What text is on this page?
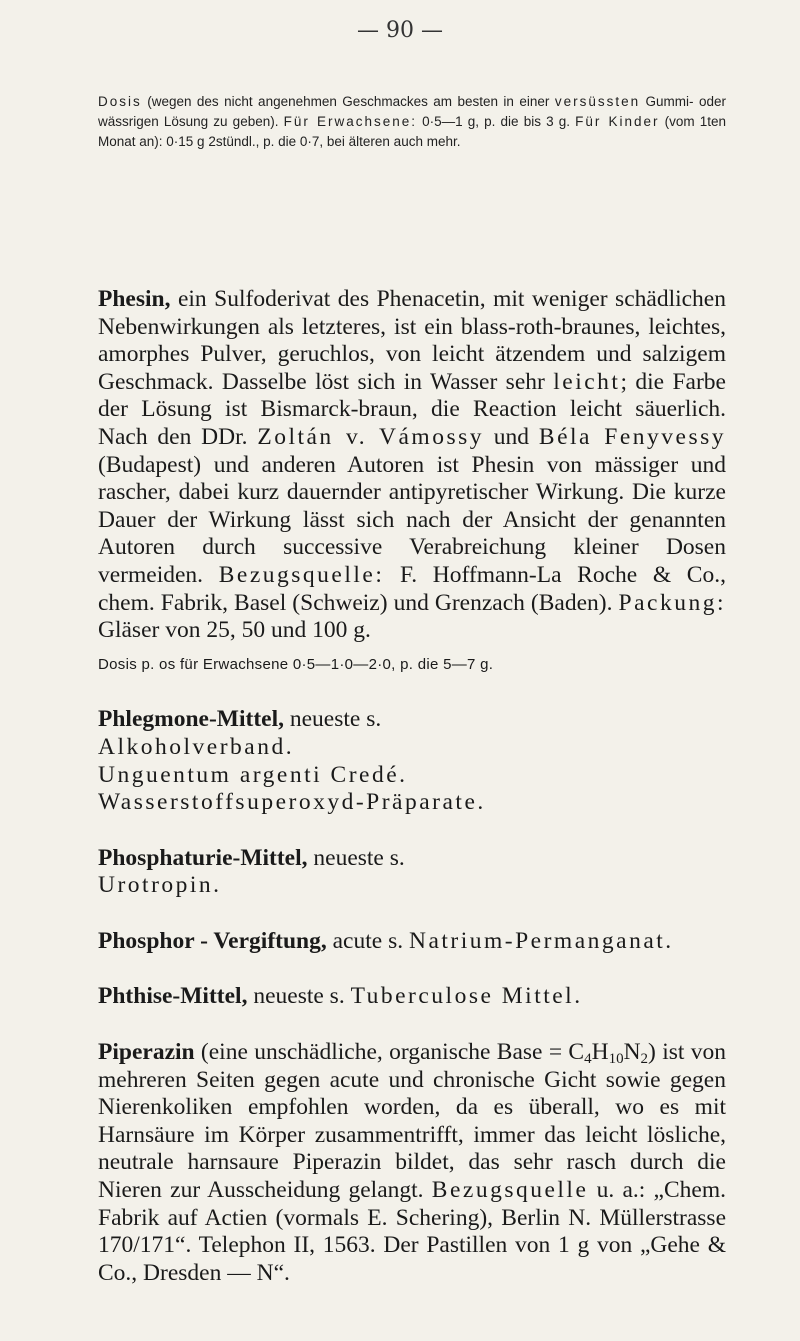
— 90 —
Dosis (wegen des nicht angenehmen Geschmackes am besten in einer versüssten Gummi- oder wässrigen Lösung zu geben). Für Erwachsene: 0·5—1 g, p. die bis 3 g. Für Kinder (vom 1ten Monat an): 0·15 g 2stündl., p. die 0·7, bei älteren auch mehr.

Phesin, ein Sulfoderivat des Phenacetin, mit weniger schädlichen Nebenwirkungen als letzteres, ist ein blass-roth-braunes, leichtes, amorphes Pulver, geruchlos, von leicht ätzendem und salzigem Geschmack. Dasselbe löst sich in Wasser sehr leicht; die Farbe der Lösung ist Bismarck-braun, die Reaction leicht säuerlich. Nach den DDr. Zoltán v. Vámossy und Béla Fenyvessy (Budapest) und anderen Autoren ist Phesin von mässiger und rascher, dabei kurz dauernder antipyretischer Wirkung. Die kurze Dauer der Wirkung lässt sich nach der Ansicht der genannten Autoren durch successive Verabreichung kleiner Dosen vermeiden. Bezugsquelle: F. Hoffmann-La Roche & Co., chem. Fabrik, Basel (Schweiz) und Grenzach (Baden). Packung: Gläser von 25, 50 und 100 g.

Dosis p. os für Erwachsene 0·5—1·0—2·0, p. die 5—7 g.

Phlegmone-Mittel, neueste s.
Alkoholverband.
Unguentum argenti Credé.
Wasserstoffsuperoxyd-Präparate.

Phosphaturie-Mittel, neueste s.
Urotropin.

Phosphor - Vergiftung, acute s. Natrium-Permanganat.

Phthise-Mittel, neueste s. Tuberculose Mittel.

Piperazin (eine unschädliche, organische Base = $C_4H_{10}N_2$) ist von mehreren Seiten gegen acute und chronische Gicht sowie gegen Nierenkoliken empfohlen worden, da es überall, wo es mit Harnsäure im Körper zusammentrifft, immer das leicht lösliche, neutrale harnsaure Piperazin bildet, das sehr rasch durch die Nieren zur Ausscheidung gelangt. Bezugsquelle u. a.: „Chem. Fabrik auf Actien (vormals E. Schering), Berlin N. Müllerstrasse 170/171“. Telephon II, 1563. Der Pastillen von 1 g von „Gehe & Co., Dresden — N“.
